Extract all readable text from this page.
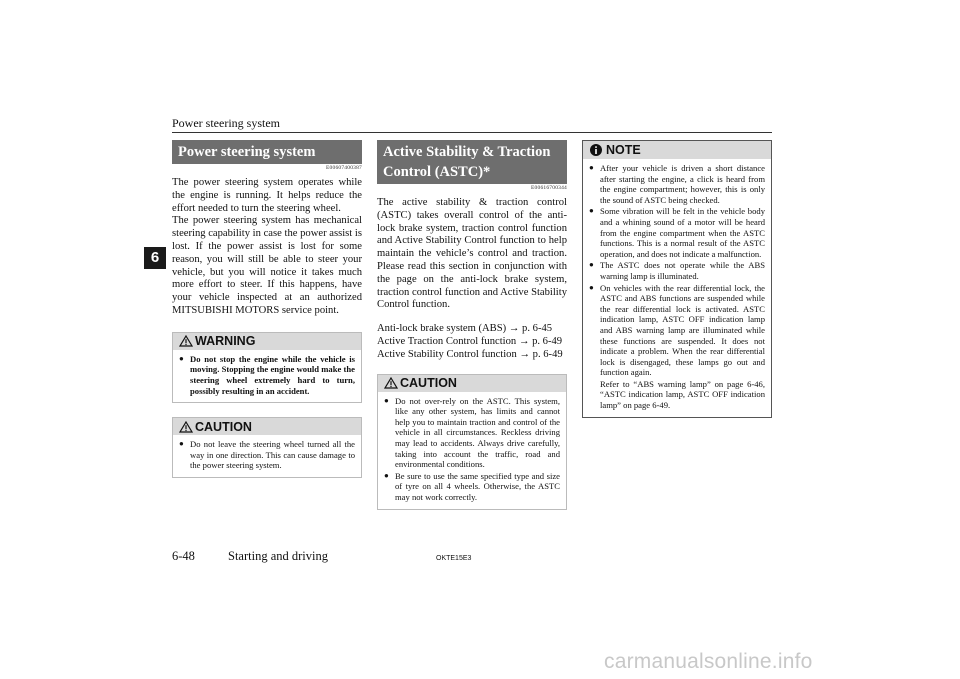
Power steering system
6
Power steering system
E00607400387

The power steering system operates while the engine is running. It helps reduce the effort needed to turn the steering wheel.

The power steering system has mechanical steering capability in case the power assist is lost. If the power assist is lost for some reason, you will still be able to steer your vehicle, but you will notice it takes much more effort to steer. If this happens, have your vehicle inspected at an authorized MITSUBISHI MOTORS service point.

WARNING
● Do not stop the engine while the vehicle is moving. Stopping the engine would make the steering wheel extremely hard to turn, possibly resulting in an accident.
CAUTION
● Do not leave the steering wheel turned all the way in one direction. This can cause damage to the power steering system.
Active Stability & Traction Control (ASTC)*
E00616700344

The active stability & traction control (ASTC) takes overall control of the anti-lock brake system, traction control function and Active Stability Control function to help maintain the vehicle’s control and traction. Please read this section in conjunction with the page on the anti-lock brake system, traction control function and Active Stability Control function.

Anti-lock brake system (ABS) → p. 6-45
Active Traction Control function → p. 6-49
Active Stability Control function → p. 6-49
CAUTION
● Do not over-rely on the ASTC. This system, like any other system, has limits and cannot help you to maintain traction and control of the vehicle in all circumstances. Reckless driving may lead to accidents. Always drive carefully, taking into account the traffic, road and environmental conditions.
● Be sure to use the same specified type and size of tyre on all 4 wheels. Otherwise, the ASTC may not work correctly.
NOTE
● After your vehicle is driven a short distance after starting the engine, a click is heard from the engine compartment; however, this is only the sound of ASTC being checked.
● Some vibration will be felt in the vehicle body and a whining sound of a motor will be heard from the engine compartment when the ASTC functions. This is a normal result of the ASTC operation, and does not indicate a malfunction.
● The ASTC does not operate while the ABS warning lamp is illuminated.
● On vehicles with the rear differential lock, the ASTC and ABS functions are suspended while the rear differential lock is activated. ASTC indication lamp, ASTC OFF indication lamp and ABS warning lamp are illuminated while these functions are suspended. It does not indicate a problem. When the rear differential lock is disengaged, these lamps go out and function again.
Refer to “ABS warning lamp” on page 6-46, “ASTC indication lamp, ASTC OFF indication lamp” on page 6-49.
6-48	Starting and driving	OKTE15E3
carmanualsonline.info
